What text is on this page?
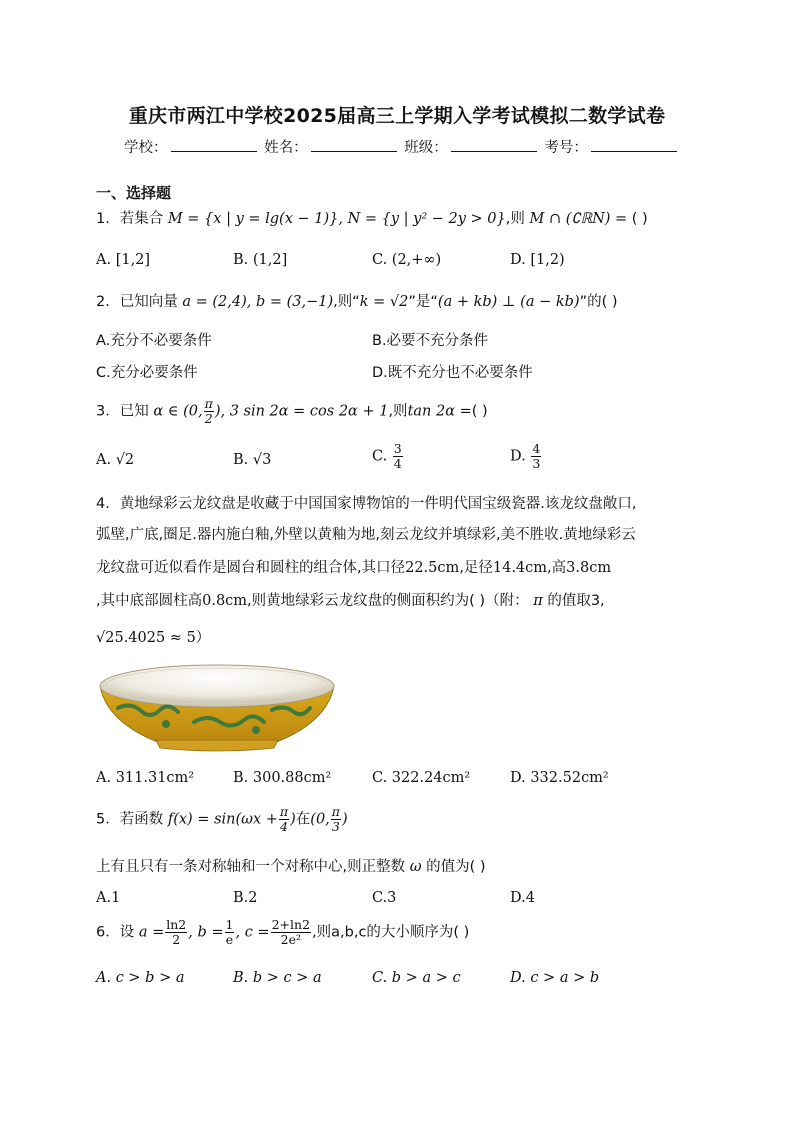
重庆市两江中学校2025届高三上学期入学考试模拟二数学试卷
学校：	姓名：	班级：	考号：
一、选择题
1．若集合 M = {x | y = lg(x − 1)}, N = {y | y² − 2y > 0},则 M ∩ (∁ℝN) = ( )
A. [1,2]	B. (1,2]	C. (2,+∞)	D. [1,2)
2．已知向量 a = (2,4), b = (3,−1),则“k = √2”是“(a + kb) ⊥ (a − kb)”的( )
A.充分不必要条件	B.必要不充分条件
C.充分必要条件	D.既不充分也不必要条件
3．已知 α ∈ (0, $\frac{\pi}{2}$ ), 3 sin 2α = cos 2α + 1,则tan 2α =( )
A. √2	B. √3	C. $\frac{3}{4}$	D. $\frac{4}{3}$
4．黄地绿彩云龙纹盘是收藏于中国国家博物馆的一件明代国宝级瓷器.该龙纹盘敞口,
弧壁,广底,圈足.器内施白釉,外壁以黄釉为地,刻云龙纹并填绿彩,美不胜收.黄地绿彩云
龙纹盘可近似看作是圆台和圆柱的组合体,其口径22.5cm,足径14.4cm,高3.8cm
,其中底部圆柱高0.8cm,则黄地绿彩云龙纹盘的侧面积约为( )（附： π 的值取3,
√25.4025 ≈ 5）
A. 311.31cm²	B. 300.88cm²	C. 322.24cm²	D. 332.52cm²
5．若函数 $f(x) = \sin(\omega x + \frac{\pi}{4}$ )在(0, $\frac{\pi}{3}$ )
上有且只有一条对称轴和一个对称中心,则正整数 ω 的值为( )
A.1	B.2	C.3	D.4
6．设 $a = \frac{\ln 2}{2}$ , $b = \frac{1}{e}$ , $c = \frac{2+\ln 2}{\text{2e²}}$ ,则a,b,c的大小顺序为( )
A. c > b > a	B. b > c > a	C. b > a > c	D. c > a > b
